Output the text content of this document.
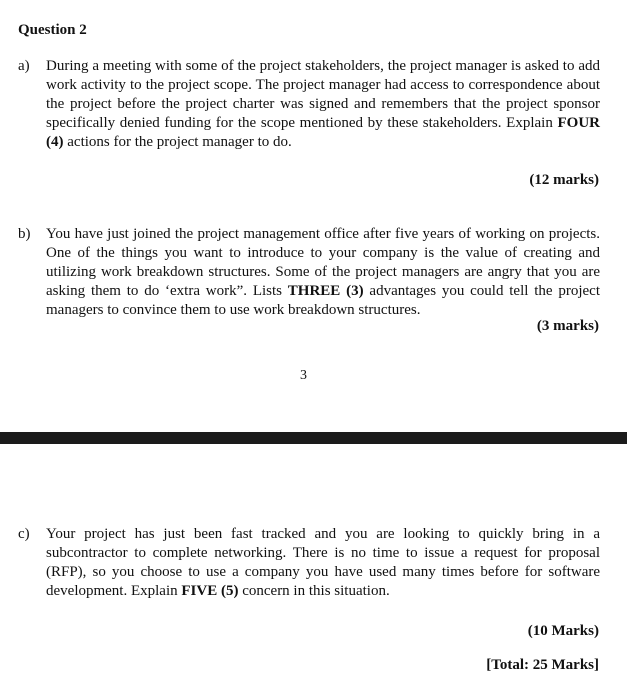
Question 2
a)	During a meeting with some of the project stakeholders, the project manager is asked to add work activity to the project scope. The project manager had access to correspondence about the project before the project charter was signed and remembers that the project sponsor specifically denied funding for the scope mentioned by these stakeholders. Explain FOUR (4) actions for the project manager to do.
(12 marks)
b)	You have just joined the project management office after five years of working on projects. One of the things you want to introduce to your company is the value of creating and utilizing work breakdown structures. Some of the project managers are angry that you are asking them to do ‘extra work”. Lists THREE (3) advantages you could tell the project managers to convince them to use work breakdown structures.
(3 marks)
3
c)	Your project has just been fast tracked and you are looking to quickly bring in a subcontractor to complete networking. There is no time to issue a request for proposal (RFP), so you choose to use a company you have used many times before for software development. Explain FIVE (5) concern in this situation.
(10 Marks)
[Total: 25 Marks]
